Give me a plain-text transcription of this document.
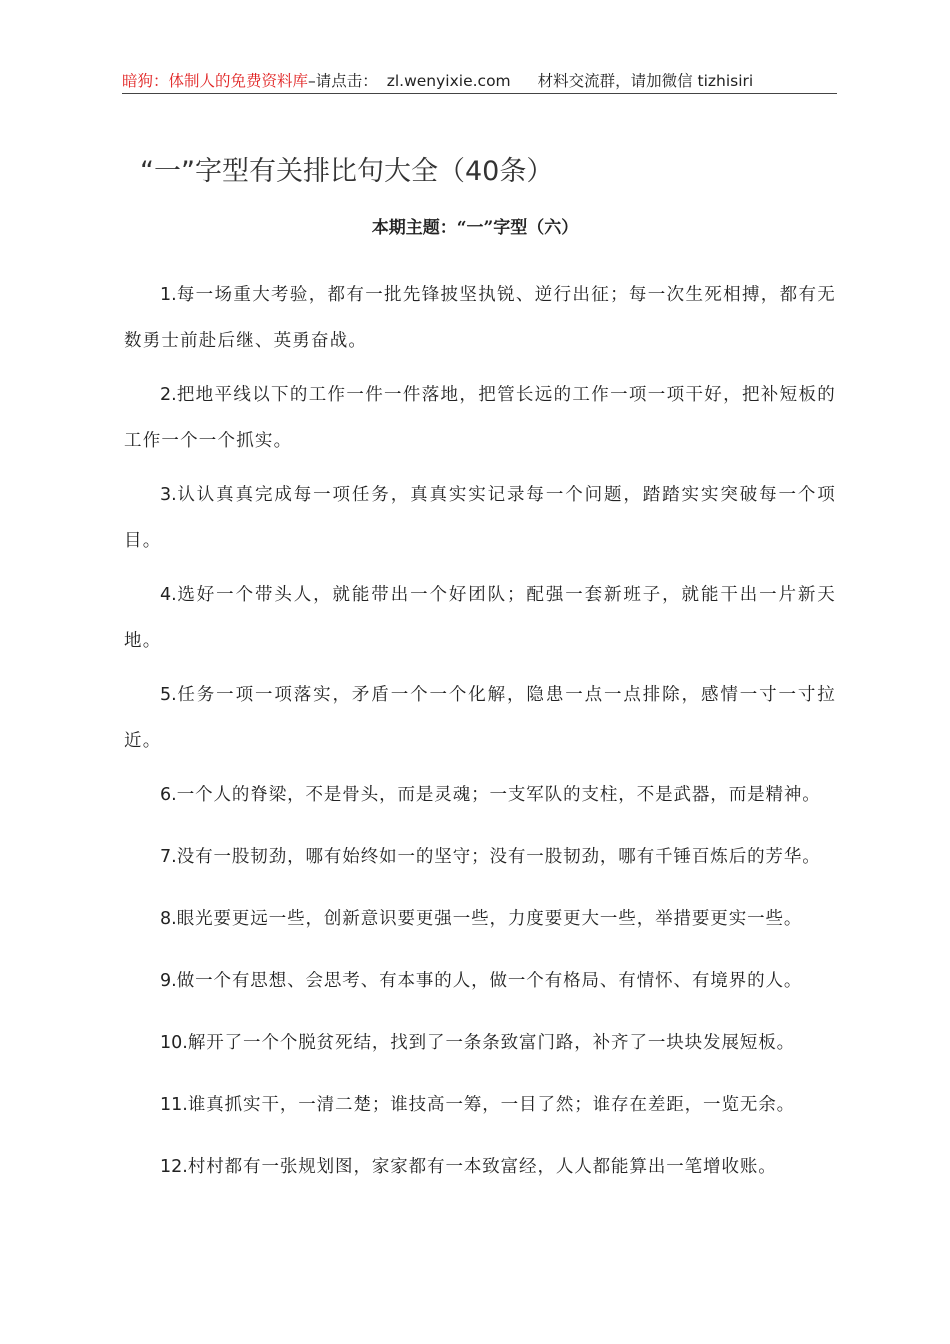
暗狗：体制人的免费资料库–请点击： zl.wenyixie.com 材料交流群，请加微信 tizhisiri
“一”字型有关排比句大全（40条）
本期主题：“一”字型（六）

1.每一场重大考验，都有一批先锋披坚执锐、逆行出征；每一次生死相搏，都有无数勇士前赴后继、英勇奋战。

2.把地平线以下的工作一件一件落地，把管长远的工作一项一项干好，把补短板的工作一个一个抓实。

3.认认真真完成每一项任务，真真实实记录每一个问题，踏踏实实突破每一个项目。

4.选好一个带头人，就能带出一个好团队；配强一套新班子，就能干出一片新天地。

5.任务一项一项落实，矛盾一个一个化解，隐患一点一点排除，感情一寸一寸拉近。

6.一个人的脊梁，不是骨头，而是灵魂；一支军队的支柱，不是武器，而是精神。

7.没有一股韧劲，哪有始终如一的坚守；没有一股韧劲，哪有千锤百炼后的芳华。

8.眼光要更远一些，创新意识要更强一些，力度要更大一些，举措要更实一些。

9.做一个有思想、会思考、有本事的人，做一个有格局、有情怀、有境界的人。

10.解开了一个个脱贫死结，找到了一条条致富门路，补齐了一块块发展短板。

11.谁真抓实干，一清二楚；谁技高一筹，一目了然；谁存在差距，一览无余。

12.村村都有一张规划图，家家都有一本致富经，人人都能算出一笔增收账。
